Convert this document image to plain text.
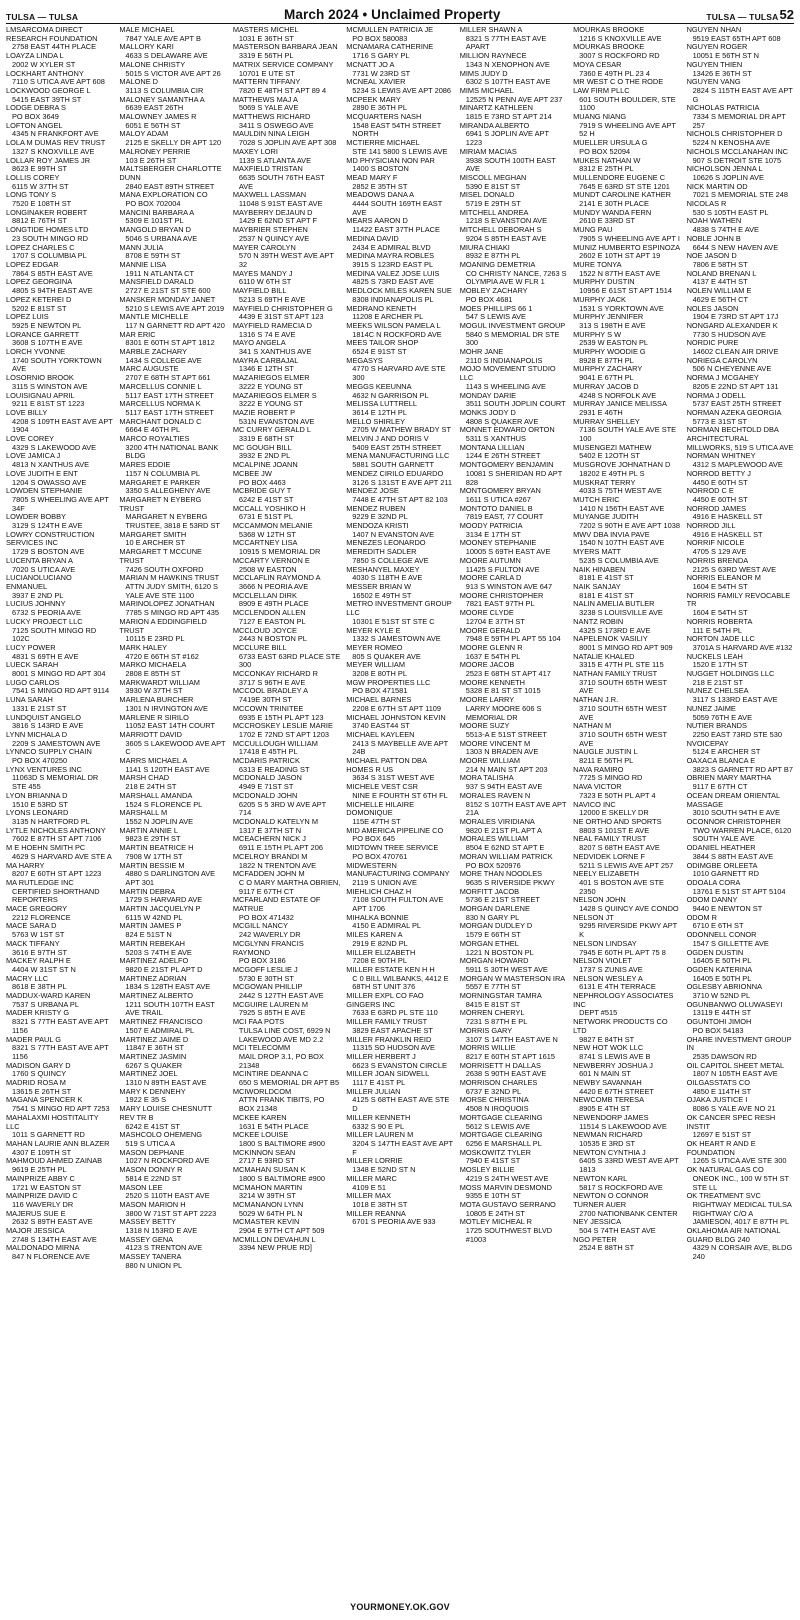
TULSA — TULSA	March 2024 • Unclaimed Property	TULSA — TULSA 52
LMSARCOMA DIRECT RESEARCH FOUNDATION
2758 EAST 44TH PLACE
LOAYZA LINDA L
2002 W XYLER ST
LOCKHART ANTHONY
7110 S UTICA AVE APT 608
LOCKWOOD GEORGE L
5415 EAST 39TH ST
LODGE DEBRA S
PO BOX 3649
LOFTON ANGEL
4345 N FRANKFORT AVE
LOLA M DUMAS REV TRUST
1327 S KNOXVILLE AVE
LOLLAR ROY JAMES JR
8623 E 99TH ST
LOLLIS COREY
6115 W 37TH ST
LONG TONY S
7520 E 108TH ST
LONGINAKER ROBERT
8812 E 76TH ST
LONGTIDE HOMES LTD
23 SOUTH MINGO RD
LOPEZ CHARLES C
1707 S COLUMBIA PL
LOPEZ EDGAR
7864 S 85TH EAST AVE
LOPEZ GEORGINA
4805 S 94TH EAST AVE
LOPEZ KETEREI D
5202 E 81ST ST
LOPEZ LUIS
5925 E NEWTON PL
LORANCE GARRETT
3608 S 107TH E AVE
LORCH YVONNE
1740 SOUTH YORKTOWN AVE
LOSORNIO BROOK
3115 S WINSTON AVE
LOUISIGNAU APRIL
9211 E 81ST ST 1223
LOVE BILLY
4208 S 109TH EAST AVE APT 1904
LOVE COREY
4329 S LAKEWOOD AVE
LOVE JAMICA J
4813 N XANTHUS AVE
LOVE JUDITH E ENT
1204 S OWASSO AVE
LOWDEN STEPHANIE
7805 S WHEELING AVE APT 34F
LOWDER BOBBY
3129 S 124TH E AVE
LOWRY CONSTRUCTION SERVICES INC
1729 S BOSTON AVE
LUCENTA BRYAN A
7020 S UTICA AVE
LUCIANOLUCIANO ENMANUEL
3937 E 2ND PL
LUCIUS JOHNNY
6732 S PEORIA AVE
LUCKY PROJECT LLC
7125 SOUTH MINGO RD 102C
LUCY POWER
4831 S 69TH E AVE
LUECK SARAH
8001 S MINGO RD APT 304
LUGO CARLOS
7541 S MINGO RD APT 9114
LUNA SARAH
1331 E 21ST ST
LUNDQUIST ANGELO
3816 S 143RD E AVE
LYNN MICHALA D
2209 S JAMESTOWN AVE
LYNNCO SUPPLY CHAIN
PO BOX 470250
LYNX VENTURES INC
11063D S MEMORIAL DR STE 455
LYON BRIANNA D
1510 E 53RD ST
LYONS LEONARD
3135 N HARTFORD PL
LYTLE NICHOLES ANTHONY
7602 E 87TH ST APT 7106
M E HOEHN SMITH PC
4629 S HARVARD AVE STE A
MA HARRY
8207 E 60TH ST APT 1223
MA RUTLEDGE INC
CERTIFIED SHORTHAND REPORTERS
MACE GREGORY
2212 FLORENCE
MACE SARA D
5763 W 1ST ST
MACK TIFFANY
3616 E 97TH ST
MACKEY RALPH E
4404 W 31ST ST N
MACRY LLC
8618 E 38TH PL
MADDUX-WARD KAREN
7537 S URBANA PL
MADER KRISTY G
8321 S 77TH EAST AVE APT 1156
MADER PAUL G
8321 S 77TH EAST AVE APT 1156
MADISON GARY D
1760 S QUINCY
MADRID ROSA M
13615 E 26TH ST
MAGANA SPENCER K
7541 S MINGO RD APT 7253
MAHALAXMI HOSTITALITY LLC
1011 S GARNETT RD
MAHAN LAURIE ANN BLAZER
4307 E 109TH ST
MAHMOUD AHMED ZAINAB
9619 E 25TH PL
MAINPRIZE ABBY C
1721 W EASTON ST
MAINPRIZE DAVID C
116 WAVERLY DR
MAJERUS SUE E
2632 S 89TH EAST AVE
MAJOR JESSICA
2748 S 134TH EAST AVE
MALDONADO MIRNA
847 N FLORENCE AVE
MALE MICHAEL
7847 YALE AVE APT B
MALLORY KARI
4633 S DELAWARE AVE
MALONE CHRISTY
5015 S VICTOR AVE APT 26
MALONE D
3113 S COLUMBIA CIR
MALONEY SAMANTHA A
6639 EAST 26TH
MALOWNEY JAMES R
6051 E 56TH ST
MALOY ADAM
2125 E SKELLY DR APT 120
MALRONEY PERRIE
103 E 26TH ST
MALTSBERGER CHARLOTTE DUNN
2840 EAST 89TH STREET
MANA EXPLORATION CO
PO BOX 702004
MANCINI BARBARA A
5309 E 101ST PL
MANGOLD BRYAN D
5046 S URBANA AVE
MANN JULIA
8708 E 59TH ST
MANNIE LISA
1911 N ATLANTA CT
MANSFIELD DARALD
2727 E 21ST ST STE 600
MANSKER MONDAY JANET
5210 S LEWIS AVE APT 2019
MANTLE MICHELLE
117 N GARNETT RD APT 420
MAR ERIC
8301 E 60TH ST APT 1812
MARBLE ZACHARY
1434 S COLLEGE AVE
MARC AUGUSTE
2707 E 68TH ST APT 661
MARCELLUS CONNIE L
5117 EAST 17TH STREET
MARCELLUS NORMA K
5117 EAST 17TH STREET
MARCHANT DONALD C
6664 E 46TH PL
MARCO ROYALTIES
3200 4TH NATIONAL BANK BLDG
MARES EDDIE
1157 N COLUMBIA PL
MARGARET E PARKER
3350 S ALLEGHENY AVE
MARGARET N EYBERG TRUST
MARGARET N EYBERG TRUSTEE, 3818 E 53RD ST
MARGARET SMITH
10 E ARCHER ST
MARGARET T MCCUNE TRUST
7426 SOUTH OXFORD
MARIAN M HAWKINS TRUST
ATTN JUDY SMITH, 6120 S YALE AVE STE 1100
MARINOLOPEZ JONATHAN
7785 S MINGO RD APT 435
MARION A EDDINGFIELD TRUST
10115 E 23RD PL
MARK HALEY
4720 E 66TH ST #162
MARKO MICHAELA
2808 E 85TH ST
MARKWARDT WILLIAM
3930 W 37TH ST
MARLENA BURCHER
1301 N IRVINGTON AVE
MARLENE R SIRILO
11052 EAST 14TH COURT
MARRIOTT DAVID
3605 S LAKEWOOD AVE APT C
MARRS MICHAEL A
1141 S 120TH EAST AVE
MARSH CHAD
218 E 24TH ST
MARSHALL AMANDA
1524 S FLORENCE PL
MARSHALL M
1552 N JOPLIN AVE
MARTIN ANNIE L
9823 E 29TH ST
MARTIN BEATRICE H
7908 W 17TH ST
MARTIN BESSIE M
4880 S DARLINGTON AVE APT 301
MARTIN DEBRA
1729 S HARVARD AVE
MARTIN JACQUELYN P
6115 W 42ND PL
MARTIN JAMES P
824 E 51ST N
MARTIN REBEKAH
5203 S 74TH E AVE
MARTINEZ ADELFO
9820 E 21ST PL APT D
MARTINEZ ADRIAN
1834 S 128TH EAST AVE
MARTINEZ ALBERTO
1211 SOUTH 107TH EAST AVE TRAIL
MARTINEZ FRANCISCO
1507 E ADMIRAL PL
MARTINEZ JAIME D
11847 E 36TH ST
MARTINEZ JASMIN
6267 S QUAKER
MARTINEZ JOEL
1310 N 89TH EAST AVE
MARY K DENNEHY
1922 E 35 S
MARY LOUISE CHESNUTT REV TR B
6242 E 41ST ST
MASHCOLO OHEMENG
519 S UTICA A
MASON DEPHANE
1027 N ROCKFORD AVE
MASON DONNY R
5814 E 22ND ST
MASON LEE
2520 S 110TH EAST AVE
MASON MARION H
3800 W 71ST ST APT 2223
MASSEY BETTY
1318 N 153RD E AVE
MASSEY GENA
4123 S TRENTON AVE
MASSEY TANERA
880 N UNION PL
MASTERS MICHEL
1031 E 36TH ST
MASTERSON BARBARA JEAN
3319 E 56TH PL
MATRIX SERVICE COMPANY
10701 E UTE ST
MATTERN TIFFANY
7820 E 48TH ST APT 89 4
MATTHEWS MAJ A
5069 S YALE AVE
MATTHEWS RICHARD
3411 S OSWEGO AVE
MAULDIN NINA LEIGH
7028 S JOPLIN AVE APT 308
MAXEY LORI
1139 S ATLANTA AVE
MAXFIELD TRISTAN
6635 SOUTH 76TH EAST AVE
MAXWELL LASSMAN
11048 S 91ST EAST AVE
MAYBERRY DEJAUN D
1429 E 62ND ST APT F
MAYBRIER STEPHEN
2537 N QUINCY AVE
MAYER CAROLYN
570 N 39TH WEST AVE APT 32
MAYES MANDY J
6110 W 6TH ST
MAYFIELD BILL
5213 S 69TH E AVE
MAYFIELD CHRISTOPHER G
4439 E 31ST ST APT 123
MAYFIELD RAMECIA D
1316 S 74 E AVE
MAYO ANGELA
341 S XANTHUS AVE
MAYRA CARBAJAL
1346 E 12TH ST
MAZARIEGOS ELMER
3222 E YOUNG ST
MAZARIEGOS ELMER S
3222 E YOUNG ST
MAZIE ROBERT P
531N EVANSTON AVE
MC CURRY GERALD L
3319 E 68TH ST
MC GOUGH BILL
3932 E 2ND PL
MCALPINE JOANN
MCBEE JW
PO BOX 4463
MCBRIDE GUY T
6242 E 41ST ST
MCCALL YOSHIKO H
6731 E 51ST PL
MCCAMMON MELANIE
5368 W 12TH ST
MCCARTNEY LISA
10915 S MEMORIAL DR
MCCARTY VERNON E
2508 W EASTON
MCCLAFLIN RAYMOND A
3666 N PEORIA AVE
MCCLELLAN DIRK
8909 E 49TH PLACE
MCCLENDON ALLEN
7127 E EASTON PL
MCCLOUD JOYCE
2443 N BOSTON PL
MCCLURE BILL
6733 EAST 63RD PLACE STE 300
MCCONKAY RICHARD R
3717 S 96TH E AVE
MCCOOL BRADLEY A
7419E 30TH ST
MCCOWN TRINITEE
6935 E 15TH PL APT 123
MCCROSKEY LESLIE MARIE
1702 E 72ND ST APT 1203
MCCULLOUGH WILLIAM
17418 E 45TH PL
MCDARIS PATRICK
6313 E READING ST
MCDONALD JASON
4949 E 71ST ST
MCDONALD JOHN
6205 S 5 3RD W AVE APT 714
MCDONALD KATELYN M
1317 E 37TH ST N
MCEACHERN NICK J
6911 E 15TH PL APT 206
MCELROY BRANDI M
1822 N TRENTON AVE
MCFADDEN JOHN M
C O MARY MARTHA OBRIEN, 9117 E 67TH CT
MCFARLAND ESTATE OF MATRUE
PO BOX 471432
MCGILL NANCY
242 WAVERLY DR
MCGLYNN FRANCIS RAYMOND
PO BOX 3186
MCGOFF LESLIE J
5730 E 30TH ST
MCGOWAN PHILLIP
2442 S 127TH EAST AVE
MCGUIRE LAUREN M
7925 S 85TH E AVE
MCI FAA POTS
TULSA LINE COST, 6929 N LAKEWOOD AVE MD 2.2
MCI TELECOMM
MAIL DROP 3.1, PO BOX 21348
MCINTIRE DEANNA C
650 S MEMORIAL DR APT B5
MCIWORLDCOM
ATTN FRANK TIBITS, PO BOX 21348
MCKEE KAREN
1631 E 54TH PLACE
MCKEE LOUISE
1800 S BALTIMORE #900
MCKINNON SEAN
2717 E 93RD ST
MCMAHAN SUSAN K
1800 S BALTIMORE #900
MCMAHON MARTIN
3214 W 39TH ST
MCMANANON LYNN
5029 W 64TH PL N
MCMASTER KEVIN
2904 E 97TH CT APT 509
MCMILLON DEVAHUN L
3394 NEW PRUE RD]
MCMULLEN PATRICIA JE
PO BOX 580083
MCNAMARA CATHERINE
1716 S GARY PL
MCNATT JO A
7731 W 23RD ST
MCNEAL XAVIER
5234 S LEWIS AVE APT 2086
MCPEEK MARY
2890 E 36TH PL
MCQUARTERS NASH
1548 EAST 54TH STREET NORTH
MCTIERRE MICHAEL
STE 141 5800 S LEWIS AVE
MD PHYSICIAN NON PAR
1400 S BOSTON
MEAD MARY F
2852 E 35TH ST
MEADOWS DANA A
4444 SOUTH 169TH EAST AVE
MEARS AARON D
11422 EAST 37TH PLACE
MEDINA DAVID
2434 E ADMIRAL BLVD
MEDINA MAYRA ROBLES
3915 S 123RD EAST PL
MEDINA VALEZ JOSE LUIS
4825 S 73RD EAST AVE
MEDLOCK MILES KAREN SUE
8308 INDIANAPOLIS PL
MEDRANO KENETH
11208 E ARCHER PL
MEEKS WILSON PAMELA L
1814C N ROCKFORD AVE
MEES TAILOR SHOP
6524 E 91ST ST
MEGASYS
4770 S HARVARD AVE STE 300
MEGGS KEEUNNA
4632 N GARRISON PL
MELISSA LUTTRELL
3614 E 12TH PL
MELLO SHIRLEY
2705 W MATHEW BRADY ST
MELVIN J AND DORIS V
5409 EAST 25TH STREET
MENA MANUFACTURING LLC
5881 SOUTH GARNETT
MENDEZ CIRILO EDUARDO
3126 S 131ST E AVE APT 211
MENDEZ JOSE
7448 E 47TH ST APT 82 103
MENDEZ RUBEN
9229 E 32ND PL
MENDOZA KRISTI
1407 N EVANSTON AVE
MENEZES LEONARDO
MEREDITH SADLER
7850 S COLLEGE AVE
MESHANYEL MAXEY
4030 S 118TH E AVE
MESSER BRIAN W
16502 E 49TH ST
METRO INVESTMENT GROUP LLC
10301 E 51ST ST STE C
MEYER KYLE E
1332 S JAMESTOWN AVE
MEYER ROMEO
805 S QUAKER AVE
MEYER WILLIAM
3208 E 80TH PL
MGW PROPERTIES LLC
PO BOX 471581
MICHAEL BARNES
2208 E 67TH ST APT 1109
MICHAEL JOHNSTON KEVIN
3740 EAST44 ST
MICHAEL KAYLEEN
2413 S MAYBELLE AVE APT 24B
MICHAEL PATTON DBA HOMES R US
3634 S 31ST WEST AVE
MICHELE VEST CSR
NINE E FOURTH ST 6TH FL
MICHELLE HILAIRE DOMONIQUE
115E 47TH ST
MID AMERICA PIPELINE CO
PO BOX 645
MIDTOWN TREE SERVICE
PO BOX 470761
MIDWESTERN MANUFACTURING COMPANY
2119 S UNION AVE
MIEHLICH CHAZ H
7108 SOUTH FULTON AVE APT 1706
MIHALKA BONNIE
4150 E ADMIRAL PL
MILES KAREN A
2919 E 82ND PL
MILLER ELIZABETH
7208 E 90TH PL
MILLER ESTATE KEN H H
C 0 BILL WILBANKS, 4412 E 68TH ST UNIT 376
MILLER EXPL CO FAO GINGERS INC
7633 E 63RD PL STE 110
MILLER FAMILY TRUST
3829 EAST APACHE ST
MILLER FRANKLIN REID
11315 SO HUDSON AVE
MILLER HERBERT J
6623 S EVANSTON CIRCLE
MILLER JOAN SIDWELL
1117 E 41ST PL
MILLER JULIAN
4125 S 68TH EAST AVE STE D
MILLER KENNETH
6332 S 90 E PL
MILLER LAUREN M
3204 S 147TH EAST AVE APT F
MILLER LORRIE
1348 E 52ND ST N
MILLER MARC
4109 E 51
MILLER MAX
1018 E 38TH ST
MILLER REANNA
6701 S PEORIA AVE 933
MILLER SHAWN A
8321 S 77TH EAST AVE APART
MILLION RAYNECE
1343 N XENOPHON AVE
MIMS JUDY D
6302 S 107TH EAST AVE
MIMS MICHAEL
12525 N PENN AVE APT 237
MINARTZ KATHLEEN
1815 E 73RD ST APT 214
MIRANDA ALBERTO
6941 S JOPLIN AVE APT 1223
MIRIAM MACIAS
3938 SOUTH 100TH EAST AVE
MISCOLL MEGHAN
5390 E 81ST ST
MISEL DONALD
5719 E 29TH ST
MITCHELL ANDREA
1218 S EVANSTON AVE
MITCHELL DEBORAH S
9204 S 85TH EAST AVE
MIURA CHIAKI
8932 E 87TH PL
MOANING DEMETRIA
CO CHRISTY NANCE, 7263 S OLYMPIA AVE W FLR 1
MOBLEY ZACHARY
PO BOX 4681
MOES PHILLIPS 66 1
547 S LEWIS AVE
MOGUL INVESTMENT GROUP
5840 S MEMORIAL DR STE 300
MOHR JANE
2110 S INDIANAPOLIS
MOJO MOVEMENT STUDIO LLC
1143 S WHEELING AVE
MONDAY DARIE
3511 SOUTH JOPLIN COURT
MONKS JODY D
4808 S QUAKER AVE
MONNET EDWARD ORTON
5311 S XANTHUS
MONTANA LILLIAN
1244 E 26TH STREET
MONTGOMERY BENJAMIN
10081 S SHERIDAN RD APT 828
MONTGOMERY BRYAN
1611 S UTICA #267
MONTOTO DANIEL B
7819 EAST, 77 COURT
MOODY PATRICIA
3134 E 17TH ST
MOONEY STEPHANIE
10005 S 69TH EAST AVE
MOORE AUTUMN
11425 S FULTON AVE
MOORE CARLA D
913 S WINSTON AVE 647
MOORE CHRISTOPHER
7821 EAST 97TH PL
MOORE CLYDE
12704 E 37TH ST
MOORE GERALD
7948 E 59TH PL APT 55 104
MOORE GLENN R
1637 E 54TH PL
MOORE JACOB
2523 E 68TH ST APT 417
MOORE KENNETH
5328 E 81 ST ST 1015
MOORE LARRY
LARRY MOORE 606 S MEMORIAL DR
MOORE SUZY
5513-A E 51ST STREET
MOORE VINCENT M
1303 N BRADEN AVE
MOORE WILLIAM
214 N MAIN ST APT 203
MORA TALISHA
937 S 94TH EAST AVE
MORALES RAVEN N
8152 S 107TH EAST AVE APT 21A
MORALES VIRIDIANA
9820 E 21ST PL APT A
MORALES WILLIAM
8504 E 62ND ST APT E
MORAN WILLIAM PATRICK
PO BOX 520976
MORE THAN NOODLES
9635 S RIVERSIDE PKWY
MORFITT JACOB
5736 E 21ST STREET
MORGAN DARLENE
830 N GARY PL
MORGAN DUDLEY D
1579 E 66TH ST
MORGAN ETHEL
1221 N BOSTON PL
MORGAN HOWARD
5911 S 30TH WEST AVE
MORGAN W MASTERSON IRA
5557 E 77TH ST
MORNINGSTAR TAMRA
8415 E 81ST ST
MORREN CHERYL
7231 S 87TH E PL
MORRIS GARY
3107 S 147TH EAST AVE N
MORRIS WILLIE
8217 E 60TH ST APT 1615
MORRISETT H DALLAS
2638 S 90TH EAST AVE
MORRISON CHARLES
6737 E 32ND PL
MORSE CHRISTINA
4508 N IROQUOIS
MORTGAGE CLEARING
5612 S LEWIS AVE
MORTGAGE CLEARING
6256 E MARSHALL PL
MOSKOWITZ TYLER
7940 E 41ST ST
MOSLEY BILLIE
4219 S 24TH WEST AVE
MOSS MARVIN DESMOND
9355 E 10TH ST
MOTA GUSTAVO SERRANO
10805 E 24TH ST
MOTLEY MICHEAL R
1725 SOUTHWEST BLVD #1003
MOURKAS BROOKE
1216 S KNOXVILLE AVE
MOURKAS BROOKE
3007 S ROCKFORD RD
MOYA CESAR
7360 E 49TH PL 23 4
MR WEST C O THE RODE LAW FIRM PLLC
601 SOUTH BOULDER, STE 1100
MUANG NIANG
7919 S WHEELING AVE APT 52 H
MUELLER URSULA G
PO BOX 52094
MUKES NATHAN W
8312 E 25TH PL
MULLENDORE EUGENE C
7645 E 63RD ST STE 1201
MUNDT CAROLINE KATHER
2141 E 30TH PLACE
MUNDY WANDA FERN
2610 E 33RD ST
MUNG PAU
7905 S WHEELING AVE APT I
MUNIZ HUMBERTO ESPINOZA
2602 E 10TH ST APT 19
MURE TONYA
1522 N 87TH EAST AVE
MURPHY DUSTIN
10956 E 61ST ST APT 1514
MURPHY JACK
1531 S YORKTOWN AVE
MURPHY JENNIFER
313 S 198TH E AVE
MURPHY S W
2539 W EASTON PL
MURPHY WOODIE G
8928 E 87TH PL
MURPHY ZACHARY
9041 E 67TH PL
MURRAY JACOB D
4248 S NORFOLK AVE
MURRAY JANICE MELISSA
2931 E 46TH
MURRAY SHELLEY
7136 SOUTH YALE AVE STE 100
MUSENGEZI MATHEW
5402 E 12OTH ST
MUSGROVE JOHNATHAN D
18202 E 49TH PL S
MUSKRAT TERRY
4033 S 75TH WEST AVE
MUTCH ERIC
1410 N 156TH EAST AVE
MUYANGE JUDITH
7202 S 90TH E AVE APT 1038
MWV DBA INVIA PAVE
1540 N 107TH EAST AVE
MYERS MATT
5235 S COLUMBIA AVE
NAIK HINABEN
8181 E 41ST ST
NAIK SANJAY
8181 E 41ST ST
NALIN AMELIA BUTLER
3238 S LOUISVILLE AVE
NANTZ ROBIN
4325 S 173RD E AVE
NAPELENOK VASILIY
8001 S MINGO RD APT 909
NATALIE KHALED
3315 E 47TH PL STE 115
NATHAN FAMILY TRUST
3710 SOUTH 65TH WEST AVE
NATHAN J.R.
3710 SOUTH 65TH WEST AVE
NATHAN M
3710 SOUTH 65TH WEST AVE
NAUGLE JUSTIN L
8211 E 56TH PL
NAVA RAMIRO
7725 S MINGO RD
NAVA VICTOR
7323 E 50TH PL APT 4
NAVICO INC
12000 E SKELLY DR
NE ORTHO AND SPORTS
8803 S 101ST E AVE
NEAL FAMILY TRUST
8207 S 68TH EAST AVE
NEDVIDEK LORNE F
5211 S LEWIS AVE APT 257
NEELY ELIZABETH
401 S BOSTON AVE STE 2350
NELSON JOHN
1428 S QUINCY AVE CONDO
NELSON JT
9295 RIVERSIDE PKWY APT K
NELSON LINDSAY
7945 E 60TH PL APT 75 8
NELSON VIOLET
1737 S ZUNIS AVE
NELSON WESLEY A
6131 E 4TH TERRACE
NEPHROLOGY ASSOCIATES INC
DEPT #515
NETWORK PRODUCTS CO LTD
9827 E 84TH ST
NEW HOT WOK LLC
8741 S LEWIS AVE B
NEWBERRY JOSHUA J
601 N MAIN ST
NEWBY SAVANNAH
4420 E 67TH STREET
NEWCOMB TERESA
8905 E 4TH ST
NEWENDORP JAMES
11514 S LAKEWOOD AVE
NEWMAN RICHARD
10535 E 3RD ST
NEWTON CYNTHIA J
6405 S 33RD WEST AVE APT 1813
NEWTON KARL
5817 S ROCKFORD AVE
NEWTON O CONNOR TURNER AUER
2700 NATIONBANK CENTER
NEY JESSICA
504 S 74TH EAST AVE
NGO PETER
2524 E 88TH ST
NGUYEN NHAN
9519 EAST 65TH APT 608
NGUYEN ROGER
10051 E 56TH ST N
NGUYEN THIEN
13426 E 36TH ST
NGUYEN VANG
2824 S 115TH EAST AVE APT G
NICHOLAS PATRICIA
7334 S MEMORIAL DR APT 257
NICHOLS CHRISTOPHER D
5224 N KENOSHA AVE
NICHOLS MCCLANAHAN INC
907 S DETROIT STE 1075
NICHOLSON JENNA L
10626 S JOPLIN AVE
NICK MARTIN OD
7021 S MEMORIAL STE 248
NICOLAS R
530 S 105TH EAST PL
NOAH WATHEN
4838 S 74TH E AVE
NOBLE JOHN B
6644 S NEW HAVEN AVE
NOE JASON D
7806 E 58TH ST
NOLAND BRENAN L
4137 E 44TH ST
NOLEN WILLIAM E
4629 E 56TH CT
NOLES JASON
1904 E 73RD ST APT 17J
NONGARD ALEXANDER K
7730 S HUDSON AVE
NORDIC PURE
14602 CLEAN AIR DRIVE
NORIEGA CAROLYN
506 N CHEYENNE AVE
NORMA J MCGAHEY
8205 E 22ND ST APT 131
NORMA J ODELL
5737 EAST 25TH STREET
NORMAN AZEKA GEORGIA
5773 E 31ST ST
NORMAN BECHTOLD DBA ARCHITECTURAL MILLWORKS, 519 S UTICA AVE
NORMAN WHITNEY
4312 S MAPLEWOOD AVE
NORROD BETTY J
4450 E 60TH ST
NORROD C E
4450 E 60TH ST
NORROD JAMES
4916 E HASKELL ST
NORROD JILL
4916 E HASKELL ST
NORRIF NICOLE
4705 S 129 AVE
NORRIS BRENDA
2125 S 63RD WEST AVE
NORRIS ELEANOR M
1604 E 54TH ST
NORRIS FAMILY REVOCABLE TR
1604 E 54TH ST
NORRIS ROBERTA
111 E 54TH PL
NORTON JADE LLC
3701A S HARVARD AVE #132
NUCKELS LEAH
1520 E 17TH ST
NUGGET HOLDINGS LLC
218 E 21ST ST
NUNEZ CHELSEA
3117 S 133RD EAST AVE
NUNEZ JAIME
5059 76TH E AVE
NUTIER BRANDS
2250 EAST 73RD STE 530
NVOICEPAY
5124 E ARCHER ST
OAXACA BLANCA E
3823 S GARNETT RD APT B7
OBRIEN MARY MARTHA
9117 E 67TH CT
OCEAN DREAM ORIENTAL MASSAGE
3010 SOUTH 94TH E AVE
OCONNOR CHRISTOPHER
TWO WARREN PLACE, 6120 SOUTH YALE AVE
ODANIEL HEATHER
3844 S 88TH EAST AVE
ODIMGBE ORLEETA
1010 GARNETT RD
ODOALA CORA
13761 E 51ST ST APT 5104
ODOM DANNY
9440 E NEWTON ST
ODOM R
6710 E 6TH ST
ODONNELL CONOR
1547 S GILLETTE AVE
OGDEN DUSTIN
16405 E 50TH PL
OGDEN KATERINA
16405 E 50TH PL
OGLESBY ABRIONNA
3710 W 52ND PL
OGUNBANWO OLUWASEYI
13119 E 44TH ST
OGUNTOHI JIMOH
PO BOX 54183
OHARE INVESTMENT GROUP IN
2535 DAWSON RD
OIL CAPITOL SHEET METAL
1807 N 105TH EAST AVE
OILGASSTATS CO
4850 E 114TH ST
OJAKA JUSTICE I
8086 S YALE AVE NO 21
OK CANCER SPEC RESH INSTIT
12697 E 51ST ST
OK HEART R AND E FOUNDATION
1265 S UTICA AVE STE 300
OK NATURAL GAS CO
ONEOK INC., 100 W 5TH ST STE LL
OK TREATMENT SVC
RIGHTWAY MEDICAL TULSA RIGHTWAY C/O A JAMIESON, 4017 E 87TH PL
OKLAHOMA AIR NATIONAL GUARD BLDG 240
4329 N CORSAIR AVE, BLDG 240
YOURMONEY.OK.GOV
